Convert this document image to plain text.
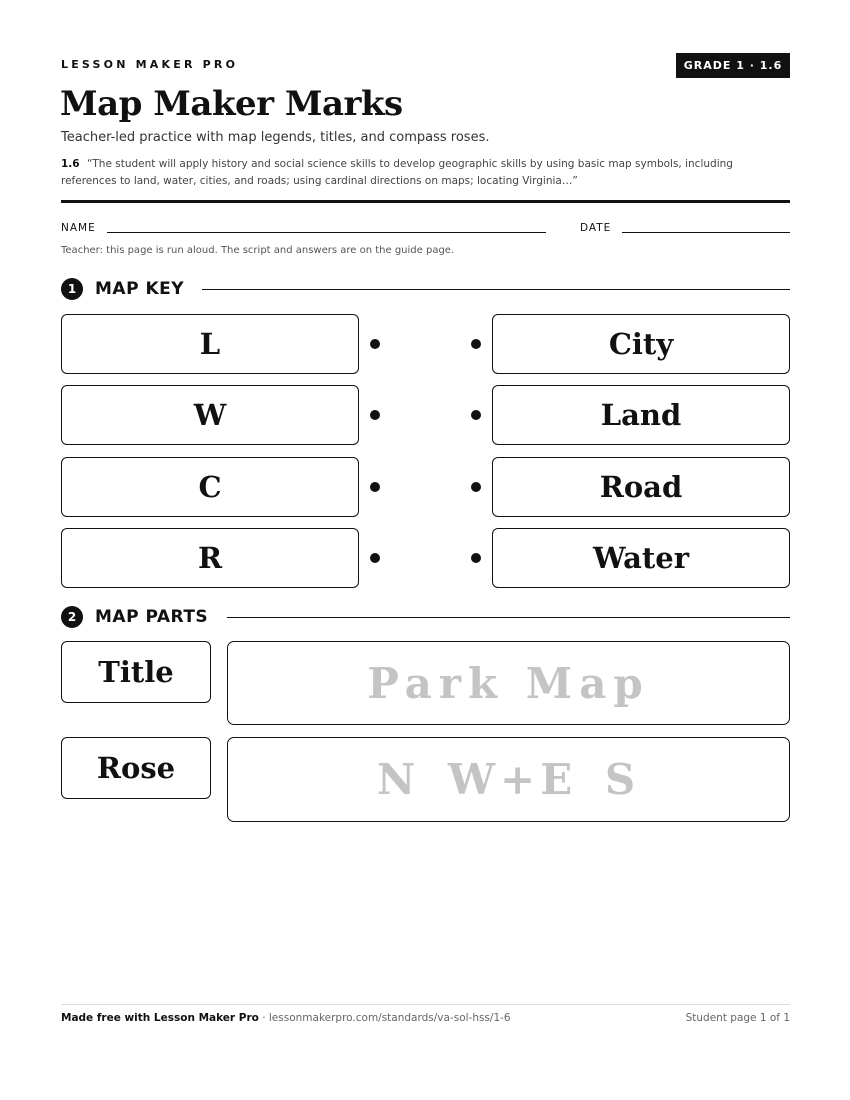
LESSON MAKER PRO	GRADE 1 · 1.6
Map Maker Marks
Teacher-led practice with map legends, titles, and compass roses.
1.6 “The student will apply history and social science skills to develop geographic skills by using basic map symbols, including references to land, water, cities, and roads; using cardinal directions on maps; locating Virginia…”
NAME	DATE
Teacher: this page is run aloud. The script and answers are on the guide page.
1	MAP KEY
L	City
W	Land
C	Road
R	Water
2	MAP PARTS
Title	Park Map
Rose	N W+E S
Made free with Lesson Maker Pro · lessonmakerpro.com/standards/va-sol-hss/1-6	Student page 1 of 1
